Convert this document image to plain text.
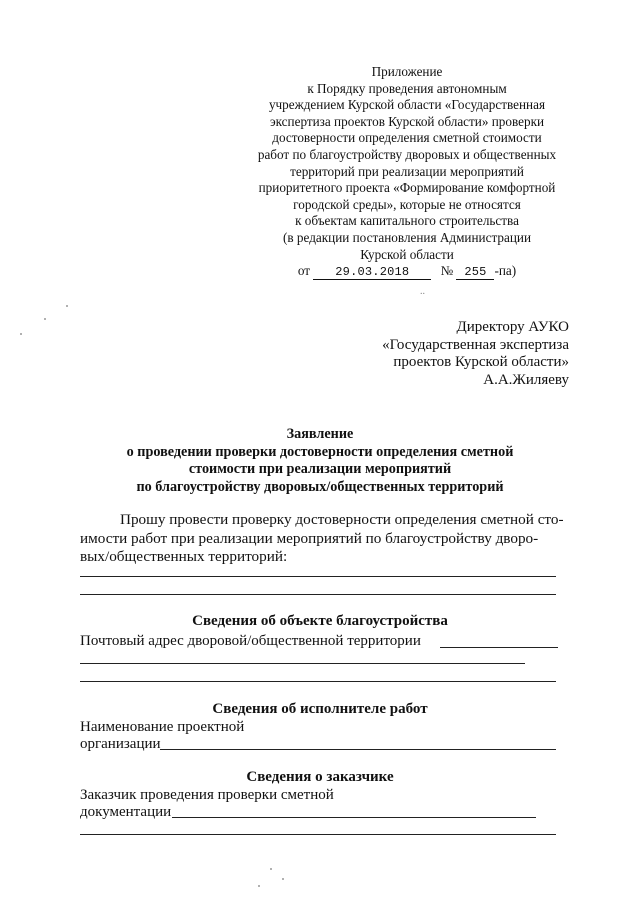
Приложение
к Порядку проведения автономным
учреждением Курской области «Государственная
экспертиза проектов Курской области» проверки
достоверности определения сметной стоимости
работ по благоустройству дворовых и общественных
территорий при реализации мероприятий
приоритетного проекта «Формирование комфортной
городской среды», которые не относятся
к объектам капитального строительства
(в редакции постановления Администрации
Курской области
от 29.03.2018 № 255 -па)
..
Директору АУКО
«Государственная экспертиза
проектов Курской области»
А.А.Жиляеву
Заявление
о проведении проверки достоверности определения сметной
стоимости при реализации мероприятий
по благоустройству дворовых/общественных территорий
Прошу провести проверку достоверности определения сметной сто-
имости работ при реализации мероприятий по благоустройству дворо-
вых/общественных территорий:
Сведения об объекте благоустройства
Почтовый адрес дворовой/общественной территории
Сведения об исполнителе работ
Наименование проектной
организации
Сведения о заказчике
Заказчик проведения проверки сметной
документации
